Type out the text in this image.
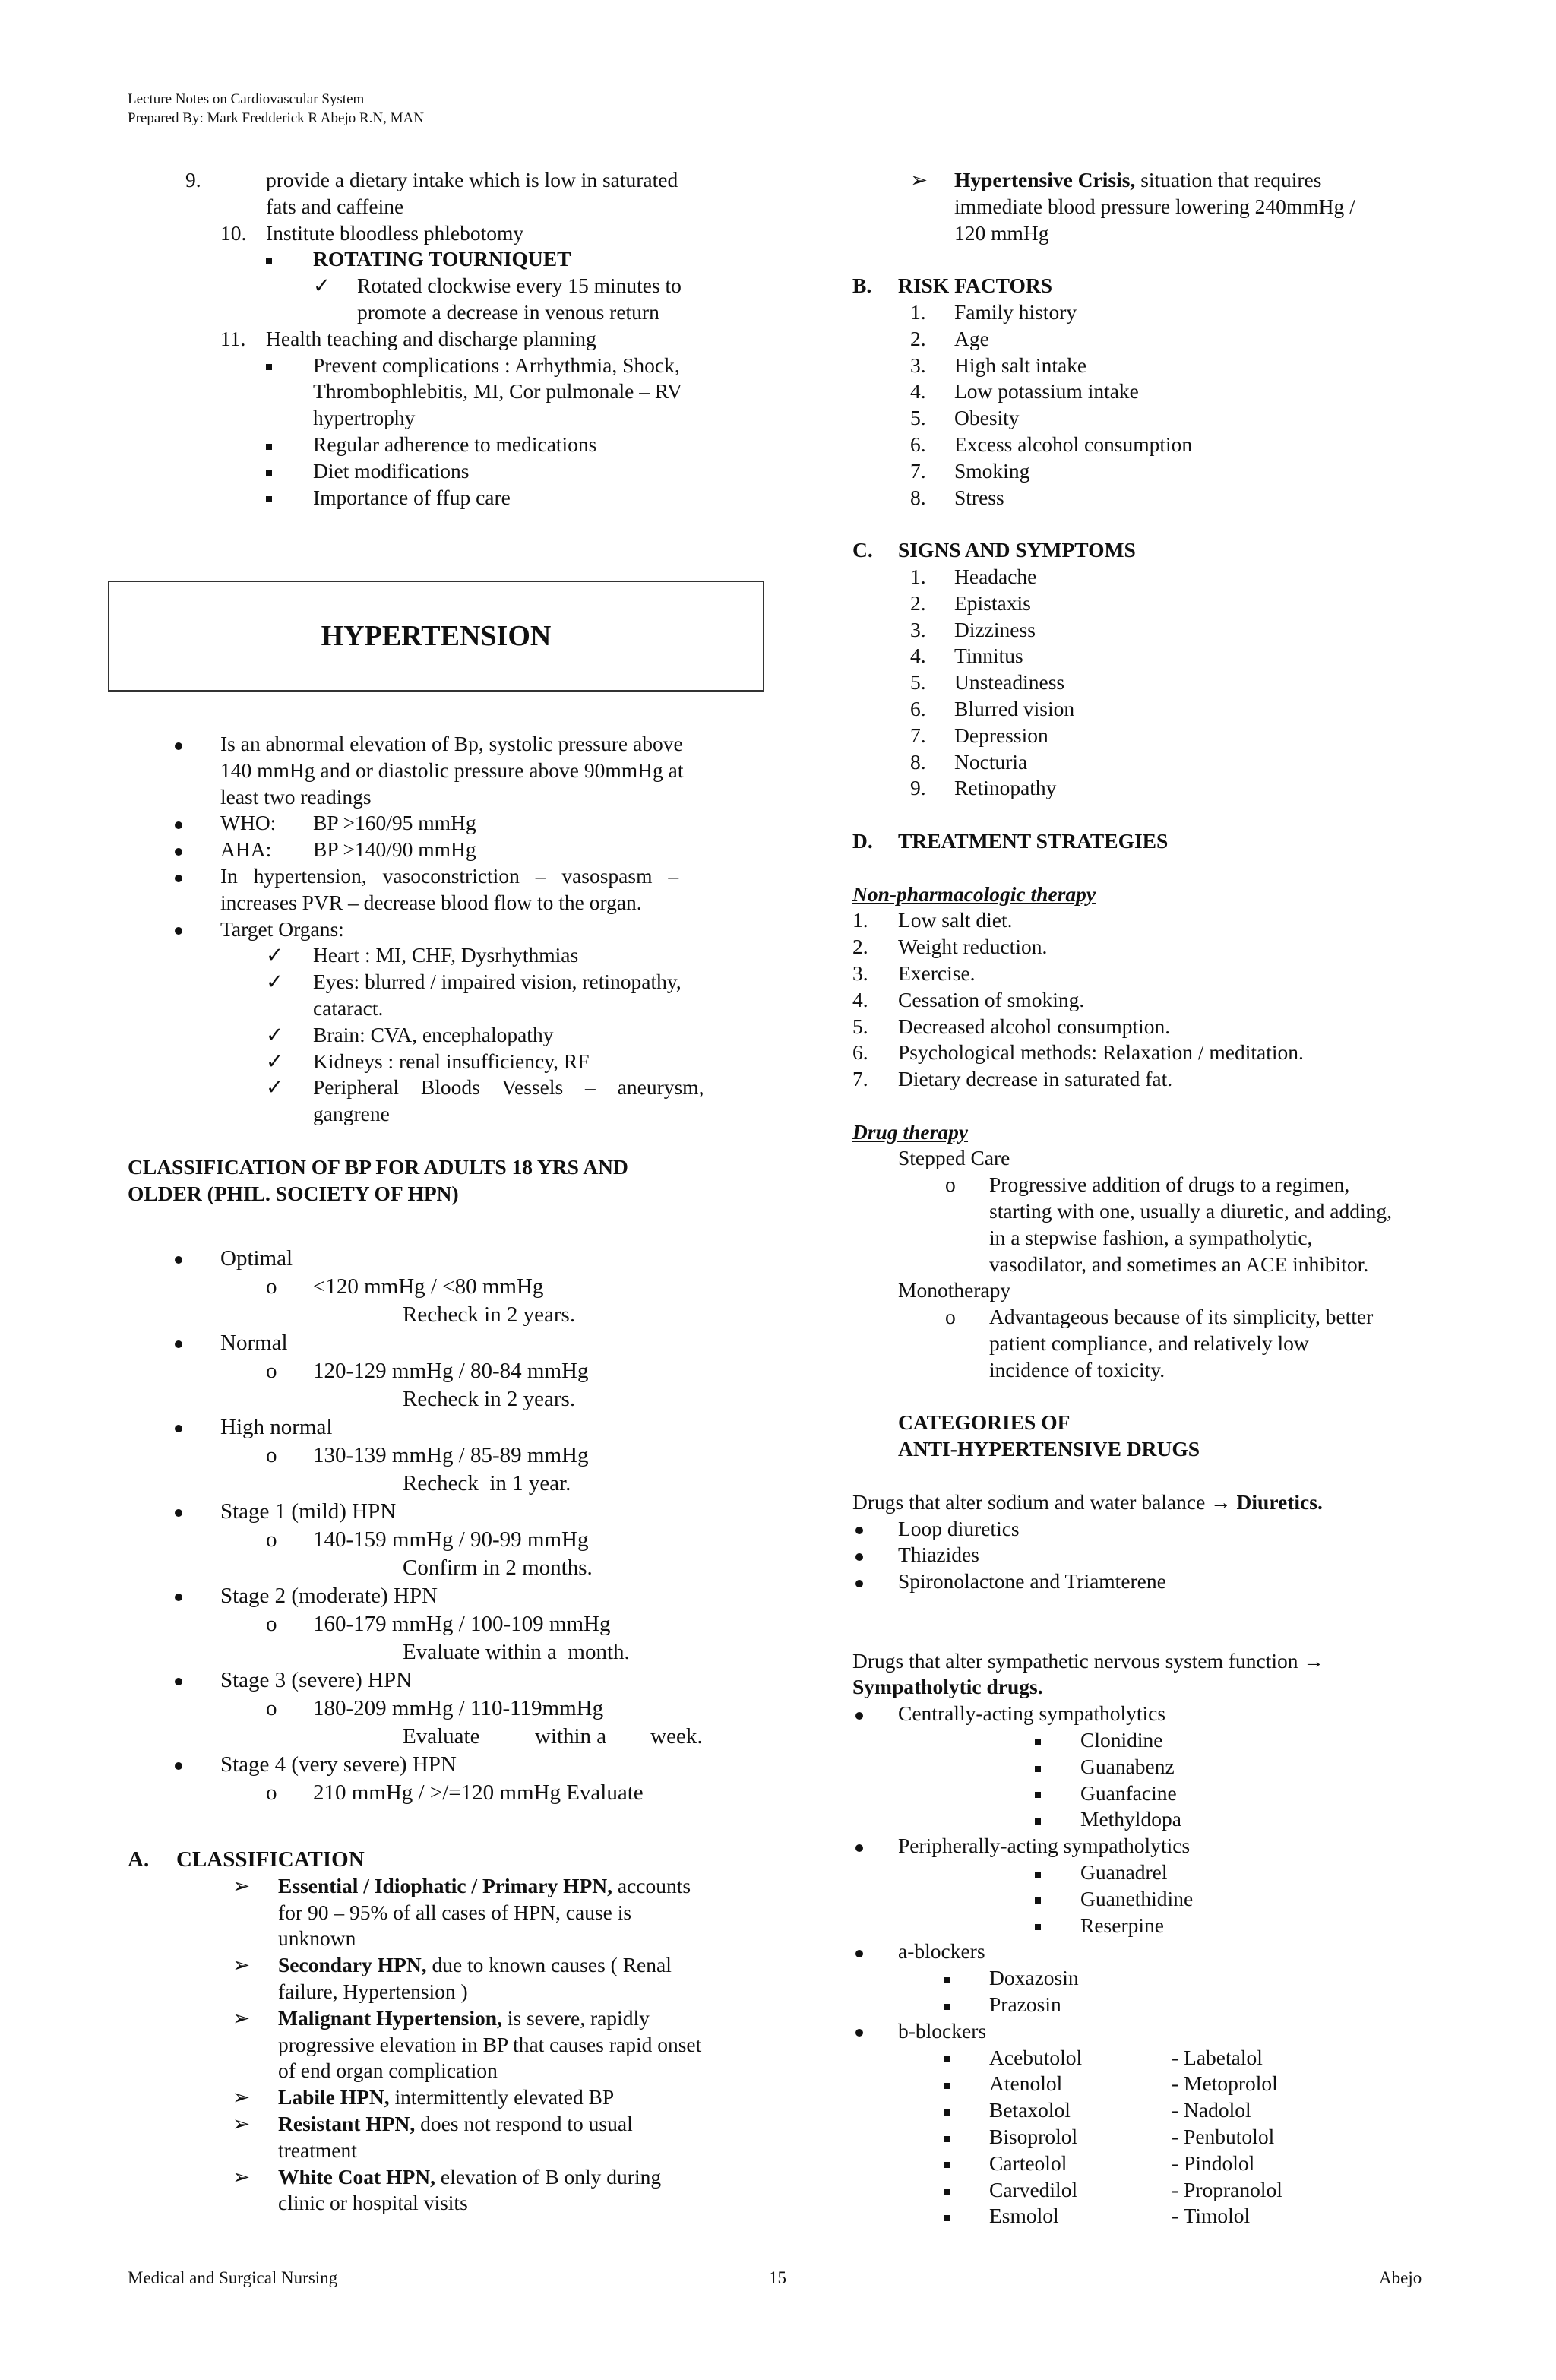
Lecture Notes on Cardiovascular System
Prepared By: Mark Fredderick R Abejo R.N, MAN
9.	provide a dietary intake which is low in saturated
fats and caffeine
10. Institute bloodless phlebotomy
ROTATING TOURNIQUET
✓ Rotated clockwise every 15 minutes to
promote a decrease in venous return
11. Health teaching and discharge planning
Prevent complications : Arrhythmia, Shock,
Thrombophlebitis, MI, Cor pulmonale – RV
hypertrophy
Regular adherence to medications
Diet modifications
Importance of ffup care
HYPERTENSION
Is an abnormal elevation of Bp, systolic pressure above
140 mmHg and or diastolic pressure above 90mmHg at
least two readings
WHO: BP >160/95 mmHg
AHA: BP >140/90 mmHg
In hypertension, vasoconstriction – vasospasm –
increases PVR – decrease blood flow to the organ.
Target Organs:
✓ Heart : MI, CHF, Dysrhythmias
✓ Eyes: blurred / impaired vision, retinopathy,
cataract.
✓ Brain: CVA, encephalopathy
✓ Kidneys : renal insufficiency, RF
✓ Peripheral Bloods Vessels – aneurysm,
gangrene
CLASSIFICATION OF BP FOR ADULTS 18 YRS AND
OLDER (PHIL. SOCIETY OF HPN)
Optimal
o <120 mmHg / <80 mmHg
Recheck in 2 years.
Normal
o 120-129 mmHg / 80-84 mmHg
Recheck in 2 years.
High normal
o 130-139 mmHg / 85-89 mmHg
Recheck  in 1 year.
Stage 1 (mild) HPN
o 140-159 mmHg / 90-99 mmHg
Confirm in 2 months.
Stage 2 (moderate) HPN
o 160-179 mmHg / 100-109 mmHg
Evaluate within a  month.
Stage 3 (severe) HPN
o 180-209 mmHg / 110-119mmHg
Evaluate          within a        week.
Stage 4 (very severe) HPN
o 210 mmHg / >/=120 mmHg Evaluate
A. CLASSIFICATION
➢ Essential / Idiophatic / Primary HPN, accounts
for 90 – 95% of all cases of HPN, cause is
unknown
➢ Secondary HPN, due to known causes ( Renal
failure, Hypertension )
➢ Malignant Hypertension, is severe, rapidly
progressive elevation in BP that causes rapid onset
of end organ complication
➢ Labile HPN, intermittently elevated BP
➢ Resistant HPN, does not respond to usual
treatment
➢ White Coat HPN, elevation of B only during
clinic or hospital visits
➢ Hypertensive Crisis, situation that requires
immediate blood pressure lowering 240mmHg /
120 mmHg
B. RISK FACTORS
1. Family history
2. Age
3. High salt intake
4. Low potassium intake
5. Obesity
6. Excess alcohol consumption
7. Smoking
8. Stress
C. SIGNS AND SYMPTOMS
1. Headache
2. Epistaxis
3. Dizziness
4. Tinnitus
5. Unsteadiness
6. Blurred vision
7. Depression
8. Nocturia
9. Retinopathy
D. TREATMENT STRATEGIES
Non-pharmacologic therapy
1. Low salt diet.
2. Weight reduction.
3. Exercise.
4. Cessation of smoking.
5. Decreased alcohol consumption.
6. Psychological methods: Relaxation / meditation.
7. Dietary decrease in saturated fat.
Drug therapy
Stepped Care
o Progressive addition of drugs to a regimen,
starting with one, usually a diuretic, and adding,
in a stepwise fashion, a sympatholytic,
vasodilator, and sometimes an ACE inhibitor.
Monotherapy
o Advantageous because of its simplicity, better
patient compliance, and relatively low
incidence of toxicity.
CATEGORIES OF
ANTI-HYPERTENSIVE DRUGS
Drugs that alter sodium and water balance → Diuretics.
Loop diuretics
Thiazides
Spironolactone and Triamterene
Drugs that alter sympathetic nervous system function →
Sympatholytic drugs.
Centrally-acting sympatholytics
Clonidine
Guanabenz
Guanfacine
Methyldopa
Peripherally-acting sympatholytics
Guanadrel
Guanethidine
Reserpine
a-blockers
Doxazosin
Prazosin
b-blockers
Acebutolol	- Labetalol
Atenolol	- Metoprolol
Betaxolol	- Nadolol
Bisoprolol	- Penbutolol
Carteolol	- Pindolol
Carvedilol	- Propranolol
Esmolol	- Timolol
Medical and Surgical Nursing	15	Abejo
